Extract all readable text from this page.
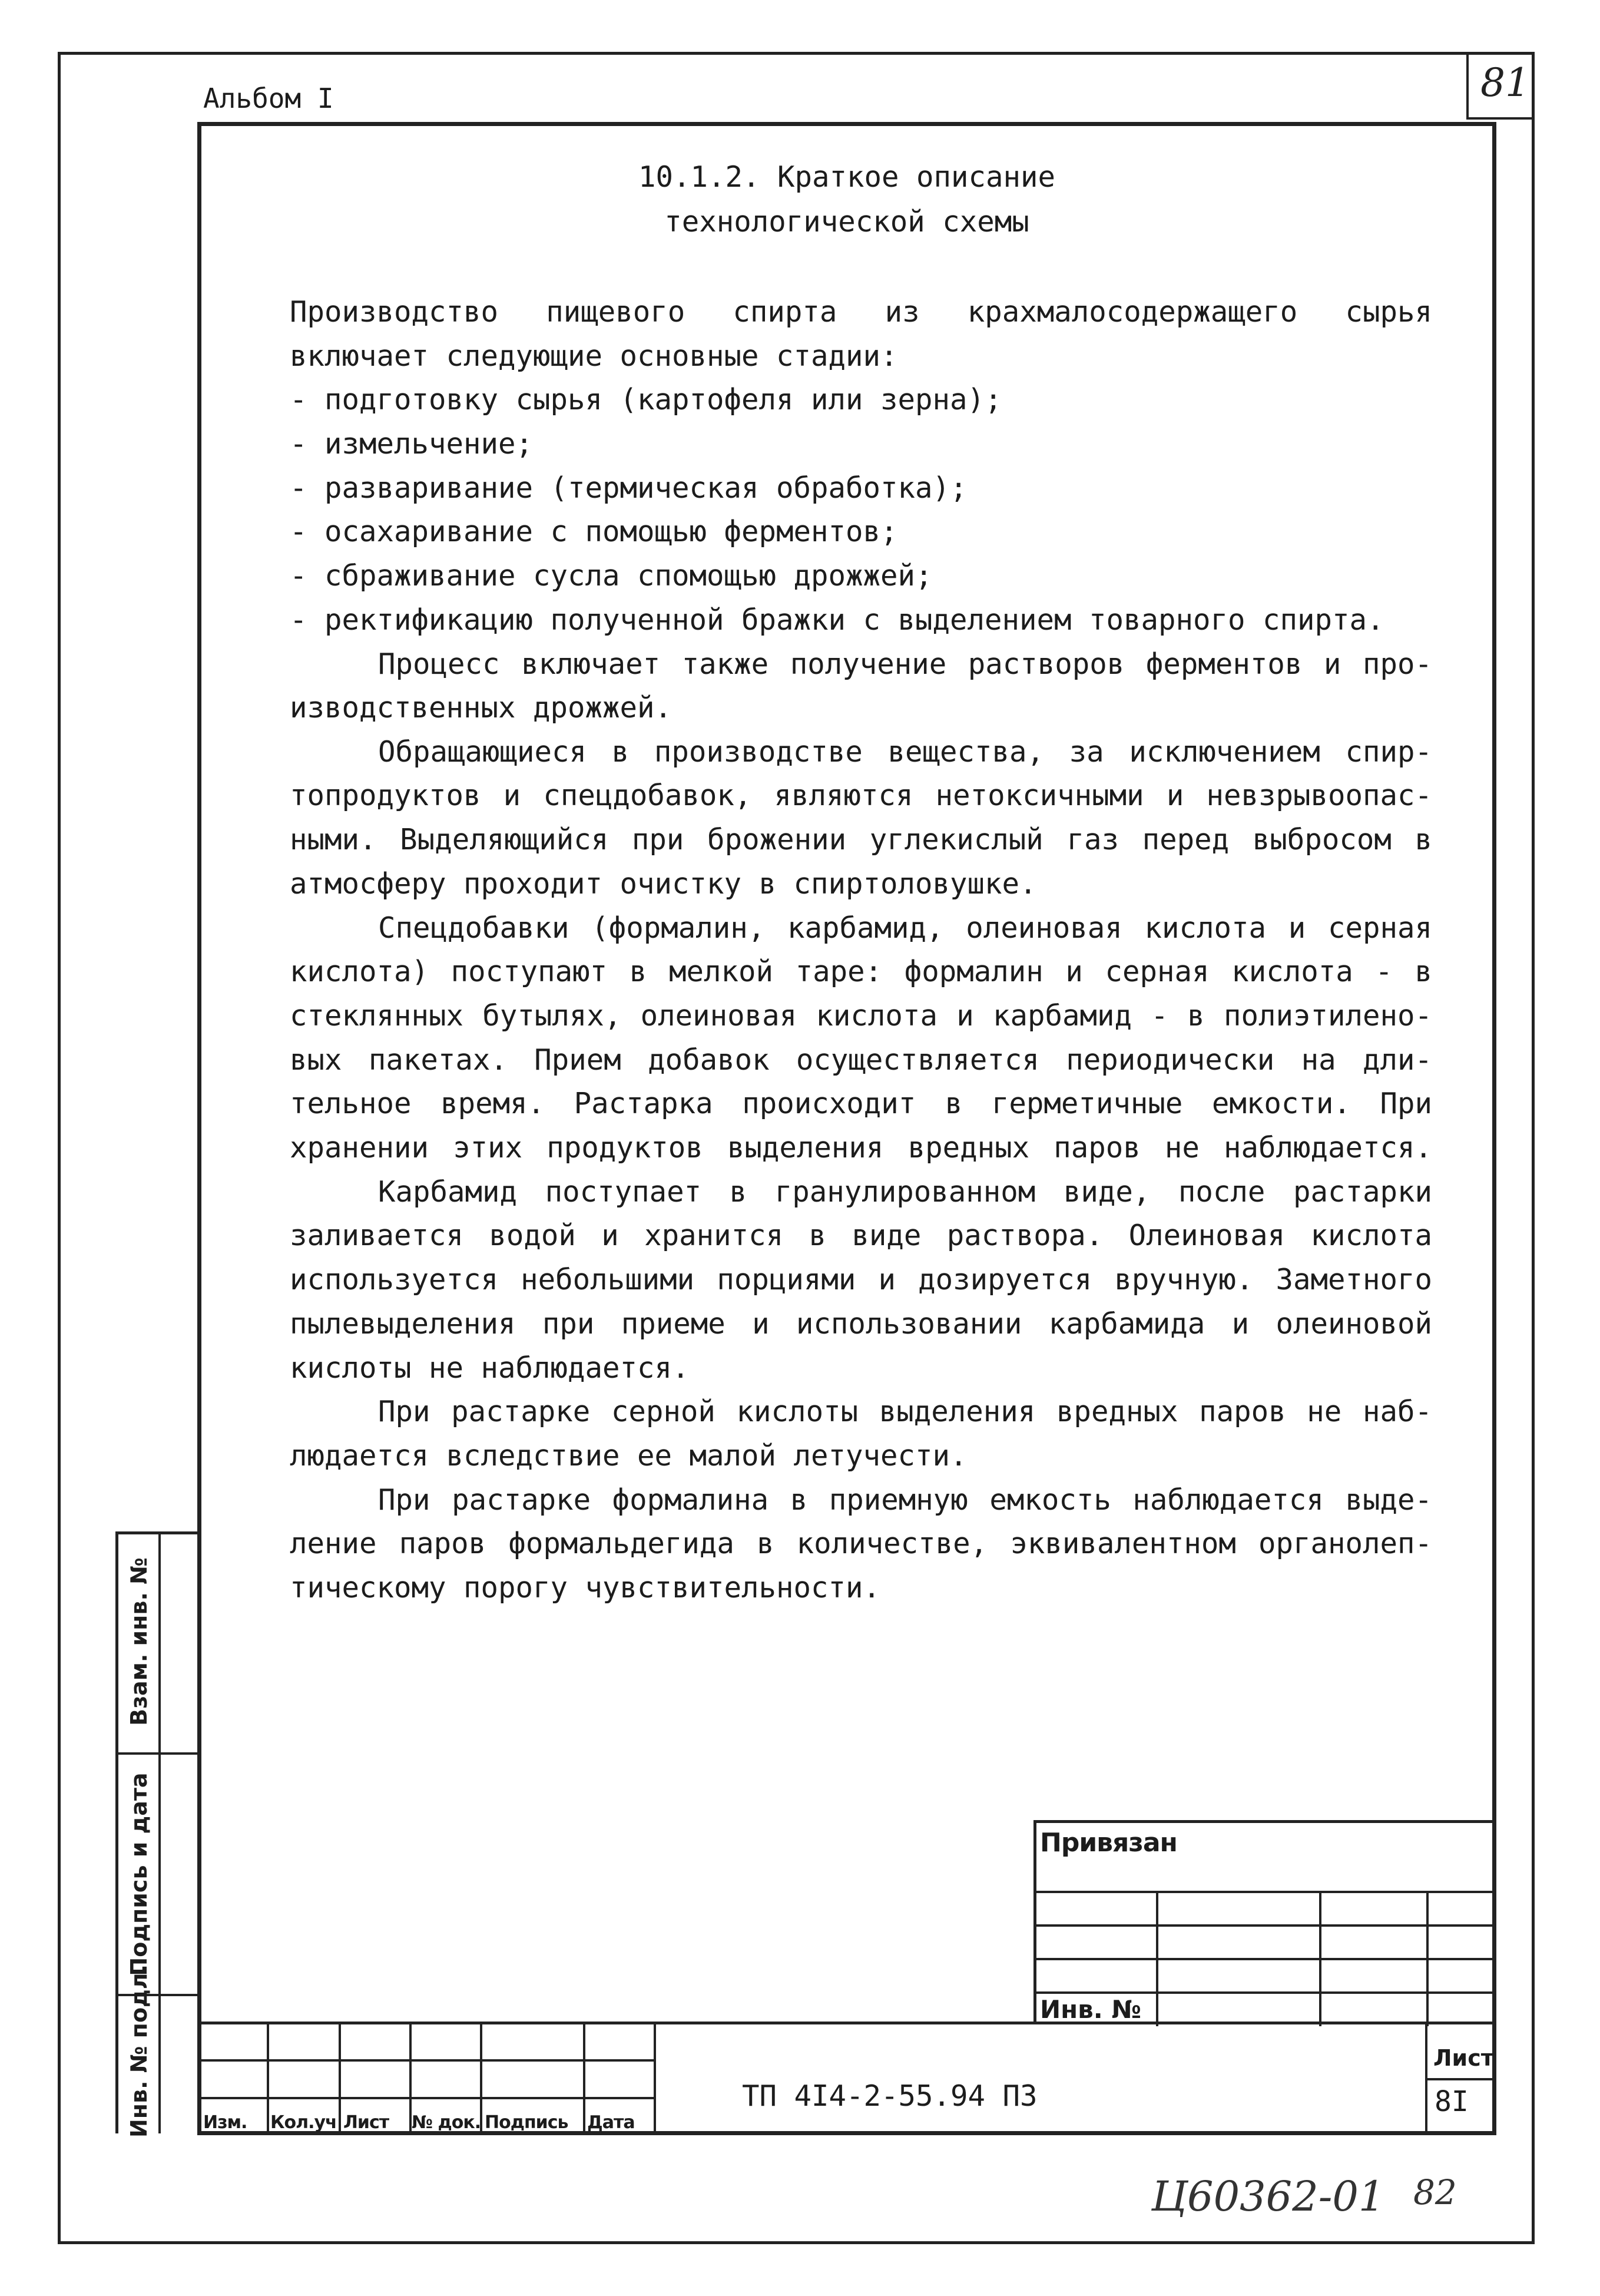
Альбом I	81
10.1.2. Краткое описание
технологической схемы
Производство пищевого спирта из крахмалосодержащего сырья
включает следующие основные стадии:
- подготовку сырья (картофеля или зерна);
- измельчение;
- разваривание (термическая обработка);
- осахаривание с помощью ферментов;
- сбраживание сусла спомощью дрожжей;
- ректификацию полученной бражки с выделением товарного спирта.
Процесс включает также получение растворов ферментов и про-
изводственных дрожжей.
Обращающиеся в производстве вещества, за исключением спир-
топродуктов и спецдобавок, являются нетоксичными и невзрывоопас-
ными. Выделяющийся при брожении углекислый газ перед выбросом в
атмосферу проходит очистку в спиртоловушке.
Спецдобавки (формалин, карбамид, олеиновая кислота и серная
кислота) поступают в мелкой таре: формалин и серная кислота - в
стеклянных бутылях, олеиновая кислота и карбамид - в полиэтилено-
вых пакетах. Прием добавок осуществляется периодически на дли-
тельное время. Растарка происходит в герметичные емкости. При
хранении этих продуктов выделения вредных паров не наблюдается.
Карбамид поступает в гранулированном виде, после растарки
заливается водой и хранится в виде раствора. Олеиновая кислота
используется небольшими порциями и дозируется вручную. Заметного
пылевыделения при приеме и использовании карбамида и олеиновой
кислоты не наблюдается.
При растарке серной кислоты выделения вредных паров не наб-
людается вследствие ее малой летучести.
При растарке формалина в приемную емкость наблюдается выде-
ление паров формальдегида в количестве, эквивалентном органолеп-
тическому порогу чувствительности.
Инв. № подл.
Подпись и дата
Взам. инв. №
Привязан
Инв. №
Изм. Кол.уч Лист № док. Подпись Дата
ТП 4I4-2-55.94 ПЗ
Лист
8I
Ц60362-01 82
